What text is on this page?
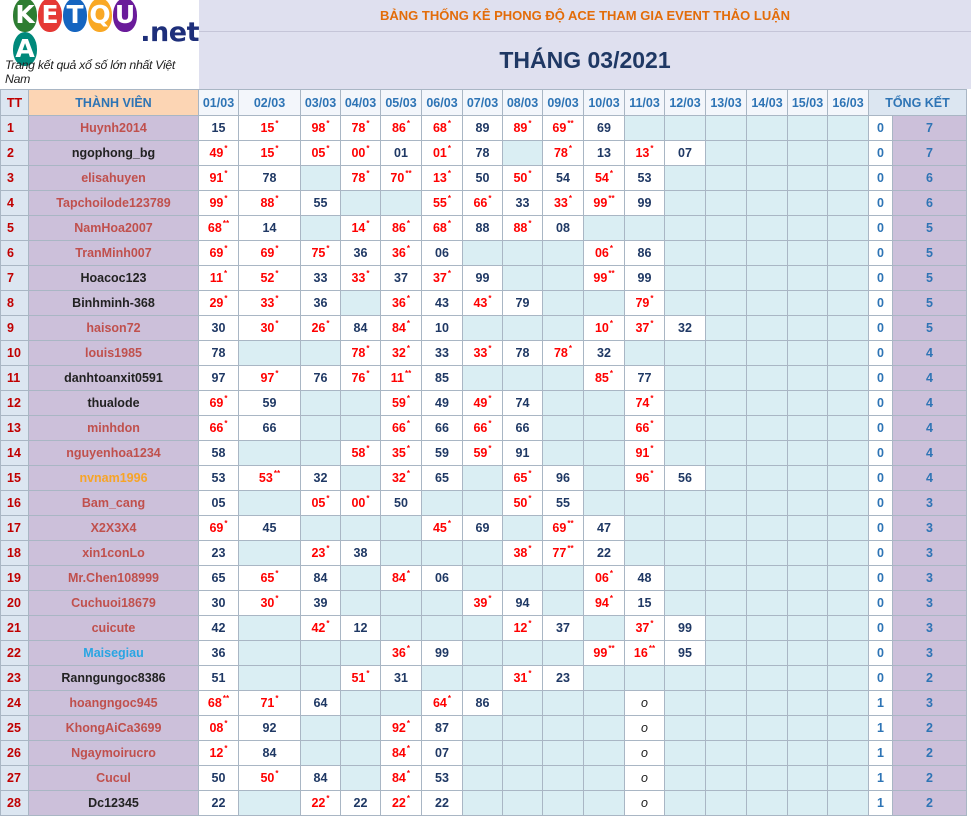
K E T Q UA
.net
Trang kết quả xổ số lớn nhất Việt Nam
BẢNG THỐNG KÊ PHONG ĐỘ ACE THAM GIA EVENT THẢO LUẬN
THÁNG 03/2021
TT	THÀNH VIÊN	01/03	02/03	03/03	04/03	05/03	06/03	07/03	08/03	09/03	10/03	11/03	12/03	13/03	14/03	15/03	16/03	TỔNG KẾT	
1	Huynh2014	15	15*	98*	78*	86*	68*	89	89*	69**	69							0	7
2	ngophong_bg	49*	15*	05*	00*	01	01*	78		78*	13	13*	07					0	7
3	elisahuyen	91*	78		78*	70**	13*	50	50*	54	54*	53						0	6
4	Tapchoilode123789	99*	88*	55			55*	66*	33	33*	99**	99						0	6
5	NamHoa2007	68**	14		14*	86*	68*	88	88*	08								0	5
6	TranMinh007	69*	69*	75*	36	36*	06				06*	86						0	5
7	Hoacoc123	11*	52*	33	33*	37	37*	99			99**	99						0	5
8	Binhminh-368	29*	33*	36		36*	43	43*	79			79*						0	5
9	haison72	30	30*	26*	84	84*	10				10*	37*	32					0	5
10	louis1985	78			78*	32*	33	33*	78	78*	32							0	4
11	danhtoanxit0591	97	97*	76	76*	11**	85				85*	77						0	4
12	thualode	69*	59			59*	49	49*	74			74*						0	4
13	minhdon	66*	66			66*	66	66*	66			66*						0	4
14	nguyenhoa1234	58			58*	35*	59	59*	91			91*						0	4
15	nvnam1996	53	53**	32		32*	65		65*	96		96*	56					0	4
16	Bam_cang	05		05*	00*	50			50*	55								0	3
17	X2X3X4	69*	45				45*	69		69**	47							0	3
18	xin1conLo	23		23*	38				38*	77**	22							0	3
19	Mr.Chen108999	65	65*	84		84*	06				06*	48						0	3
20	Cuchuoi18679	30	30*	39				39*	94		94*	15						0	3
21	cuicute	42		42*	12				12*	37		37*	99					0	3
22	Maisegiau	36				36*	99				99**	16**	95					0	3
23	Ranngungoc8386	51			51*	31			31*	23								0	2
24	hoangngoc945	68**	71*	64			64*	86				o						1	3
25	KhongAiCa3699	08*	92			92*	87					o						1	2
26	Ngaymoirucro	12*	84			84*	07					o						1	2
27	Cucul	50	50*	84		84*	53					o						1	2
28	Dc12345	22		22*	22	22*	22					o						1	2
